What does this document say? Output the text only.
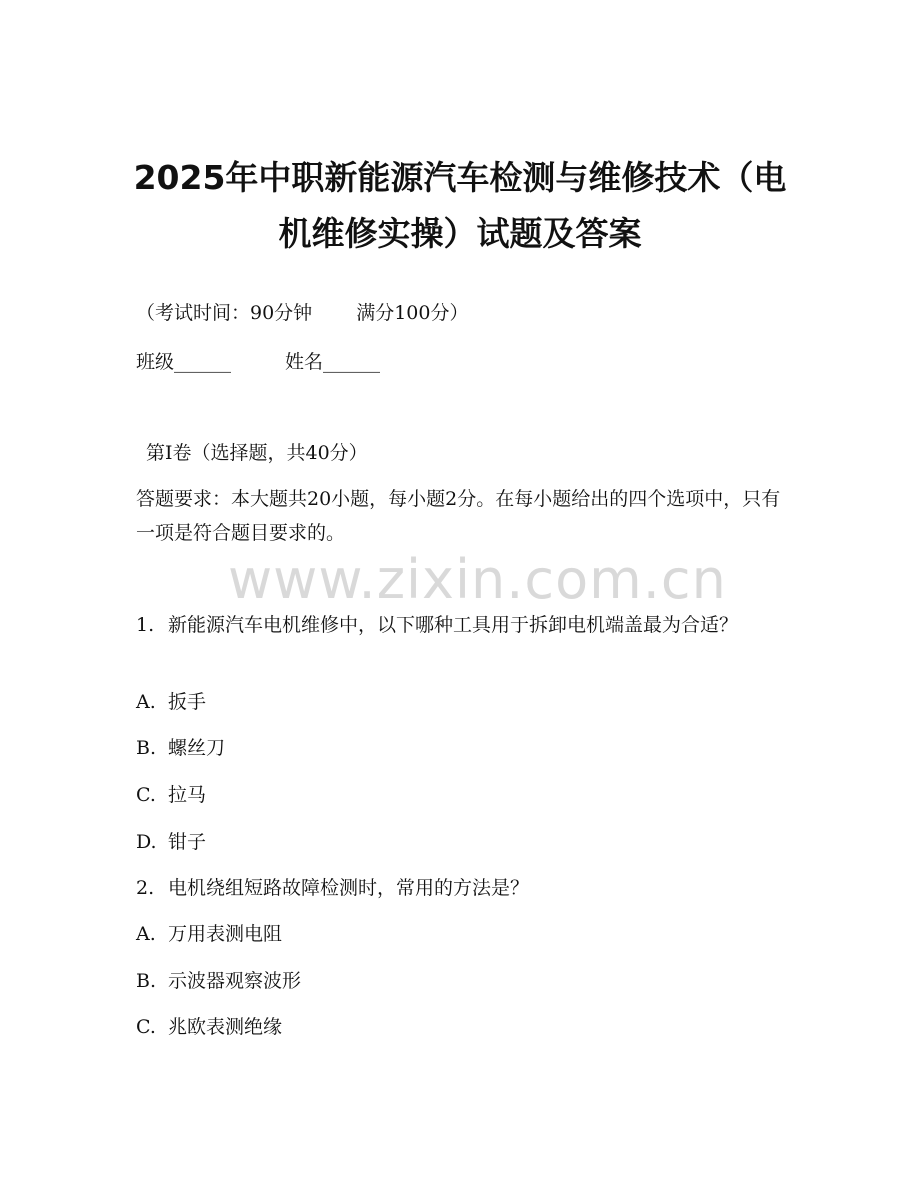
2025年中职新能源汽车检测与维修技术（电机维修实操）试题及答案

（考试时间：90分钟 满分100分）

班级______	姓名______

第Ⅰ卷（选择题，共40分）

答题要求：本大题共20小题，每小题2分。在每小题给出的四个选项中，只有一项是符合题目要求的。

www.zixin.com.cn

1. 新能源汽车电机维修中，以下哪种工具用于拆卸电机端盖最为合适？

A. 扳手

B. 螺丝刀

C. 拉马

D. 钳子

2. 电机绕组短路故障检测时，常用的方法是？

A. 万用表测电阻

B. 示波器观察波形

C. 兆欧表测绝缘
